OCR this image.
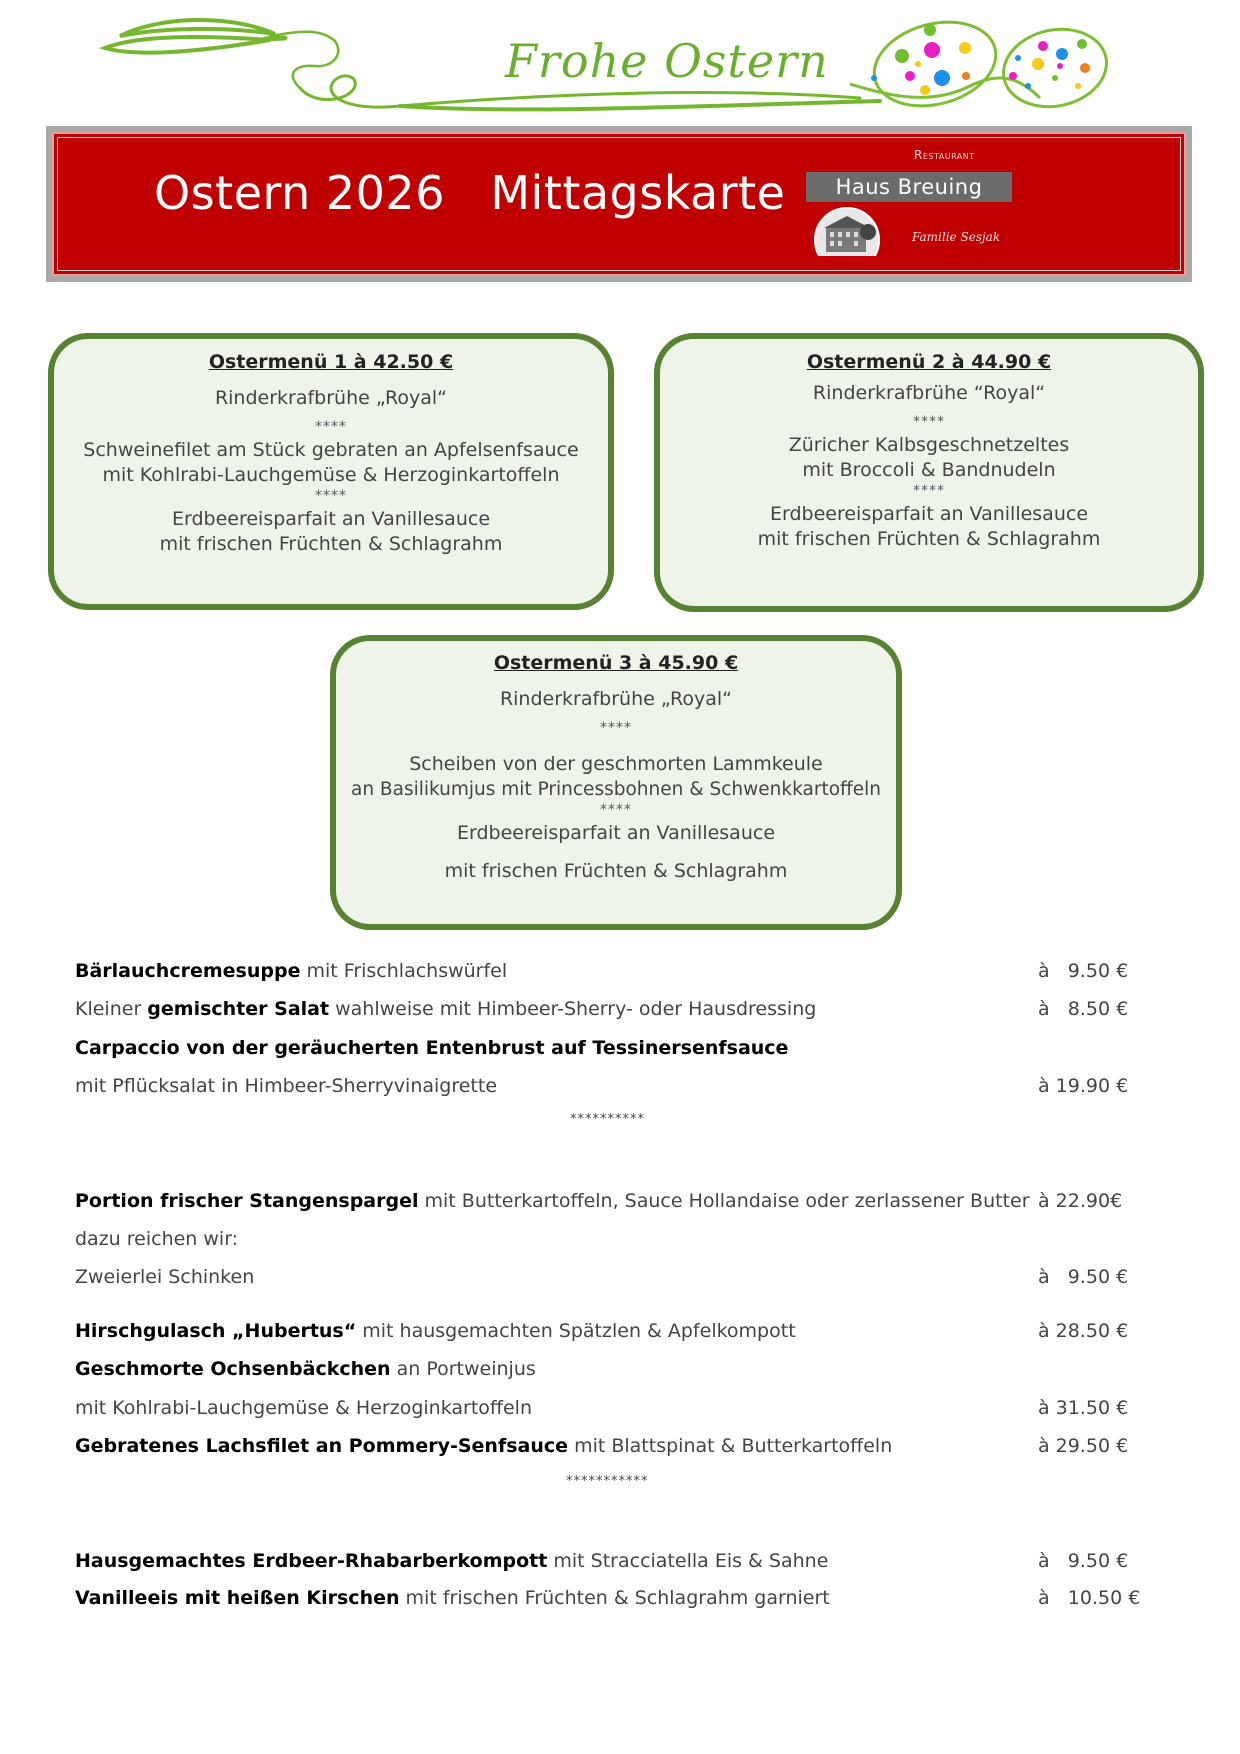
Frohe Ostern
Ostern 2026   Mittagskarte
Restaurant
Haus Breuing
Familie Sesjak
Ostermenü 1 à 42.50 €
Rinderkrafbrühe „Royal“
****
Schweinefilet am Stück gebraten an Apfelsenfsauce
mit Kohlrabi-Lauchgemüse & Herzoginkartoffeln
****
Erdbeereisparfait an Vanillesauce
mit frischen Früchten & Schlagrahm
Ostermenü 2 à 44.90 €
Rinderkrafbrühe “Royal“
****
Züricher Kalbsgeschnetzeltes
mit Broccoli & Bandnudeln
****
Erdbeereisparfait an Vanillesauce
mit frischen Früchten & Schlagrahm
Ostermenü 3 à 45.90 €
Rinderkrafbrühe „Royal“
****
Scheiben von der geschmorten Lammkeule
an Basilikumjus mit Princessbohnen & Schwenkkartoffeln
****
Erdbeereisparfait an Vanillesauce
mit frischen Früchten & Schlagrahm
Bärlauchcremesuppe mit Frischlachswürfel	à   9.50 €
Kleiner gemischter Salat wahlweise mit Himbeer-Sherry- oder Hausdressing	à   8.50 €
Carpaccio von der geräucherten Entenbrust auf Tessinersenfsauce
mit Pflücksalat in Himbeer-Sherryvinaigrette	à 19.90 €
**********
Portion frischer Stangenspargel mit Butterkartoffeln, Sauce Hollandaise oder zerlassener Butter à 22.90€
dazu reichen wir:
Zweierlei Schinken	à   9.50 €
Hirschgulasch „Hubertus“ mit hausgemachten Spätzlen & Apfelkompott	à 28.50 €
Geschmorte Ochsenbäckchen an Portweinjus
mit Kohlrabi-Lauchgemüse & Herzoginkartoffeln	à 31.50 €
Gebratenes Lachsfilet an Pommery-Senfsauce mit Blattspinat & Butterkartoffeln	à 29.50 €
***********
Hausgemachtes Erdbeer-Rhabarberkompott mit Stracciatella Eis & Sahne	à   9.50 €
Vanilleeis mit heißen Kirschen mit frischen Früchten & Schlagrahm garniert	à   10.50 €
